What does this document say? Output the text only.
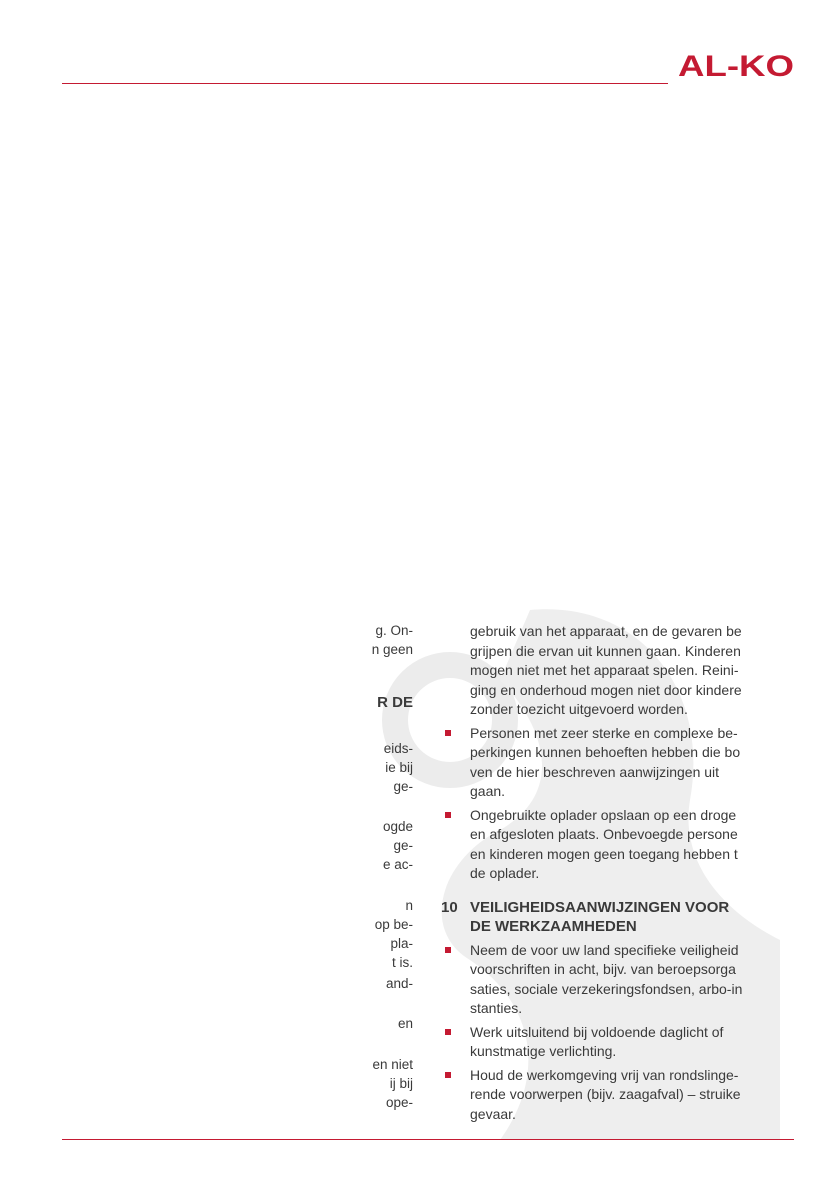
AL-KO
g. On-
n geen
R DE
eids-
ie bij
ge-
ogde
ge-
e ac-
n
op be-
pla-
t is.
and-
en
en niet
ij bij
ope-
gebruik van het apparaat, en de gevaren be
grijpen die ervan uit kunnen gaan. Kinderen
mogen niet met het apparaat spelen. Reini-
ging en onderhoud mogen niet door kindere
zonder toezicht uitgevoerd worden.
Personen met zeer sterke en complexe be-
perkingen kunnen behoeften hebben die bo
ven de hier beschreven aanwijzingen uit
gaan.
Ongebruikte oplader opslaan op een droge
en afgesloten plaats. Onbevoegde persone
en kinderen mogen geen toegang hebben t
de oplader.
10 VEILIGHEIDSAANWIJZINGEN VOOR
DE WERKZAAMHEDEN
Neem de voor uw land specifieke veiligheid
voorschriften in acht, bijv. van beroepsorga
saties, sociale verzekeringsfondsen, arbo-in
stanties.
Werk uitsluitend bij voldoende daglicht of
kunstmatige verlichting.
Houd de werkomgeving vrij van rondslinge-
rende voorwerpen (bijv. zaagafval) – struike
gevaar.
